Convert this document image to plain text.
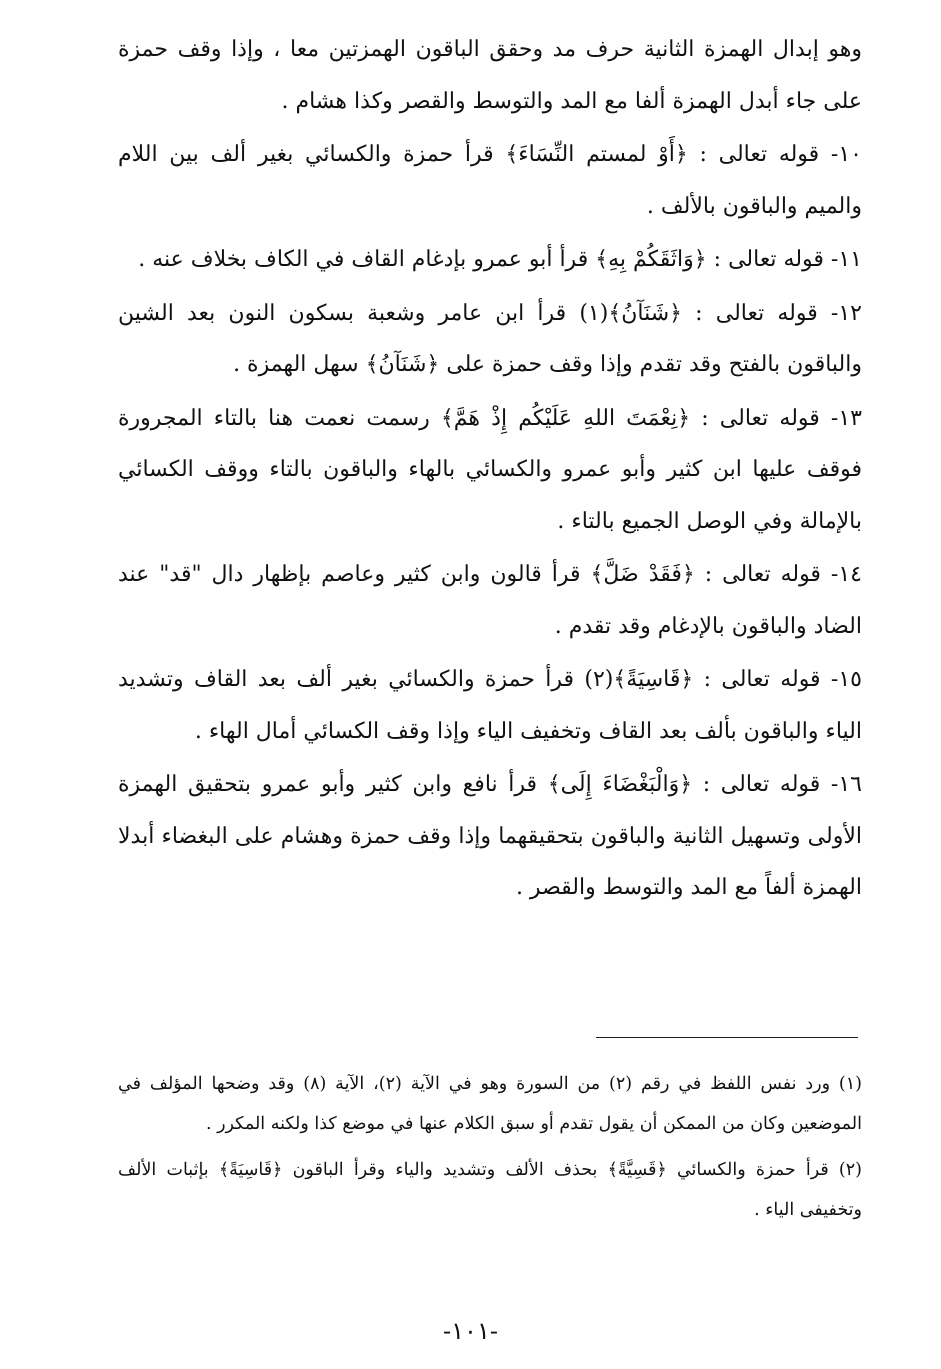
وهو إبدال الهمزة الثانية حرف مد وحقق الباقون الهمزتين معا ، وإذا وقف حمزة على جاء أبدل الهمزة ألفا مع المد والتوسط والقصر وكذا هشام .

١٠- قوله تعالى : ﴿أَوْ لمستم النِّسَاءَ﴾ قرأ حمزة والكسائي بغير ألف بين اللام والميم والباقون بالألف .

١١- قوله تعالى : ﴿وَاثَقَكُمْ بِهِ﴾ قرأ أبو عمرو بإدغام القاف في الكاف بخلاف عنه .

١٢- قوله تعالى : ﴿شَنَآنُ﴾(١) قرأ ابن عامر وشعبة بسكون النون بعد الشين والباقون بالفتح وقد تقدم وإذا وقف حمزة على ﴿شَنَآنُ﴾ سهل الهمزة .

١٣- قوله تعالى : ﴿نِعْمَتَ اللهِ عَلَيْكُم إِذْ هَمَّ﴾ رسمت نعمت هنا بالتاء المجرورة فوقف عليها ابن كثير وأبو عمرو والكسائي بالهاء والباقون بالتاء ووقف الكسائي بالإمالة وفي الوصل الجميع بالتاء .

١٤- قوله تعالى : ﴿فَقَدْ ضَلَّ﴾ قرأ قالون وابن كثير وعاصم بإظهار دال "قد" عند الضاد والباقون بالإدغام وقد تقدم .

١٥- قوله تعالى : ﴿قَاسِيَةً﴾(٢) قرأ حمزة والكسائي بغير ألف بعد القاف وتشديد الياء والباقون بألف بعد القاف وتخفيف الياء وإذا وقف الكسائي أمال الهاء .

١٦- قوله تعالى : ﴿وَالْبَغْضَاءَ إِلَى﴾ قرأ نافع وابن كثير وأبو عمرو بتحقيق الهمزة الأولى وتسهيل الثانية والباقون بتحقيقهما وإذا وقف حمزة وهشام على البغضاء أبدلا الهمزة ألفاً مع المد والتوسط والقصر .

(١) ورد نفس اللفظ في رقم (٢) من السورة وهو في الآية (٢)، الآية (٨) وقد وضحها المؤلف في الموضعين وكان من الممكن أن يقول تقدم أو سبق الكلام عنها في موضع كذا ولكنه المكرر .

(٢) قرأ حمزة والكسائي ﴿قَسِيَّةً﴾ بحذف الألف وتشديد والياء وقرأ الباقون ﴿قَاسِيَةً﴾ بإثبات الألف وتخفيفى الياء .

-١٠١-
